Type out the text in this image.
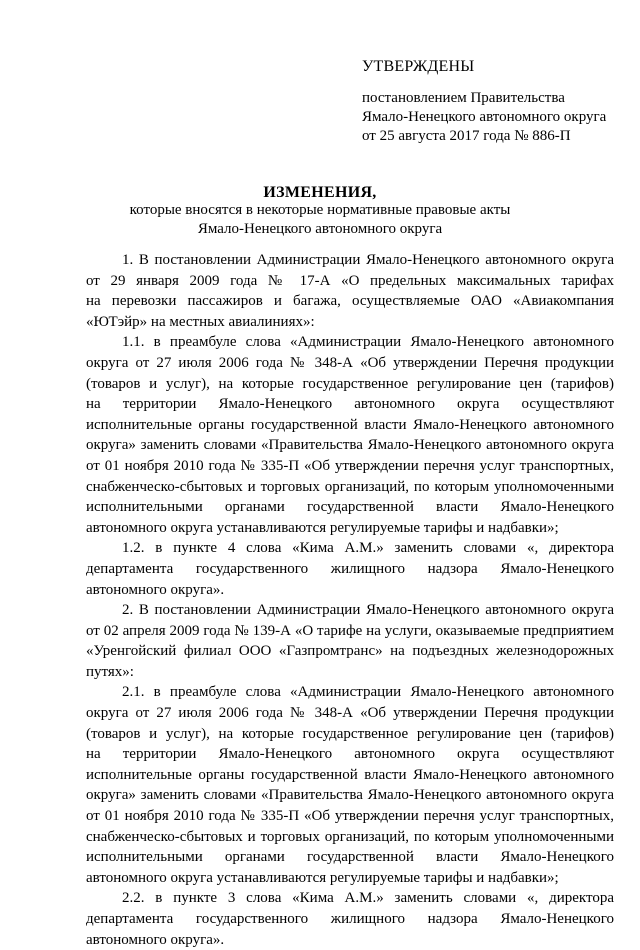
УТВЕРЖДЕНЫ
постановлением Правительства
Ямало-Ненецкого автономного округа
от 25 августа 2017 года № 886-П
ИЗМЕНЕНИЯ,
которые вносятся в некоторые нормативные правовые акты
Ямало-Ненецкого автономного округа
1. В постановлении Администрации Ямало-Ненецкого автономного округа
от 29 января 2009 года № 17-А «О предельных максимальных тарифах
на перевозки пассажиров и багажа, осуществляемые ОАО «Авиакомпания
«ЮТэйр» на местных авиалиниях»:
1.1. в преамбуле слова «Администрации Ямало-Ненецкого автономного
округа от 27 июля 2006 года № 348-А «Об утверждении Перечня продукции
(товаров и услуг), на которые государственное регулирование цен (тарифов)
на территории Ямало-Ненецкого автономного округа осуществляют
исполнительные органы государственной власти Ямало-Ненецкого автономного
округа» заменить словами «Правительства Ямало-Ненецкого автономного округа
от 01 ноября 2010 года № 335-П «Об утверждении перечня услуг транспортных,
снабженческо-сбытовых и торговых организаций, по которым уполномоченными
исполнительными органами государственной власти Ямало-Ненецкого
автономного округа устанавливаются регулируемые тарифы и надбавки»;
1.2. в пункте 4 слова «Кима А.М.» заменить словами «, директора
департамента государственного жилищного надзора Ямало-Ненецкого
автономного округа».
2. В постановлении Администрации Ямало-Ненецкого автономного округа
от 02 апреля 2009 года № 139-А «О тарифе на услуги, оказываемые предприятием
«Уренгойский филиал ООО «Газпромтранс» на подъездных железнодорожных
путях»:
2.1. в преамбуле слова «Администрации Ямало-Ненецкого автономного
округа от 27 июля 2006 года № 348-А «Об утверждении Перечня продукции
(товаров и услуг), на которые государственное регулирование цен (тарифов)
на территории Ямало-Ненецкого автономного округа осуществляют
исполнительные органы государственной власти Ямало-Ненецкого автономного
округа» заменить словами «Правительства Ямало-Ненецкого автономного округа
от 01 ноября 2010 года № 335-П «Об утверждении перечня услуг транспортных,
снабженческо-сбытовых и торговых организаций, по которым уполномоченными
исполнительными органами государственной власти Ямало-Ненецкого
автономного округа устанавливаются регулируемые тарифы и надбавки»;
2.2. в пункте 3 слова «Кима А.М.» заменить словами «, директора
департамента государственного жилищного надзора Ямало-Ненецкого
автономного округа».
